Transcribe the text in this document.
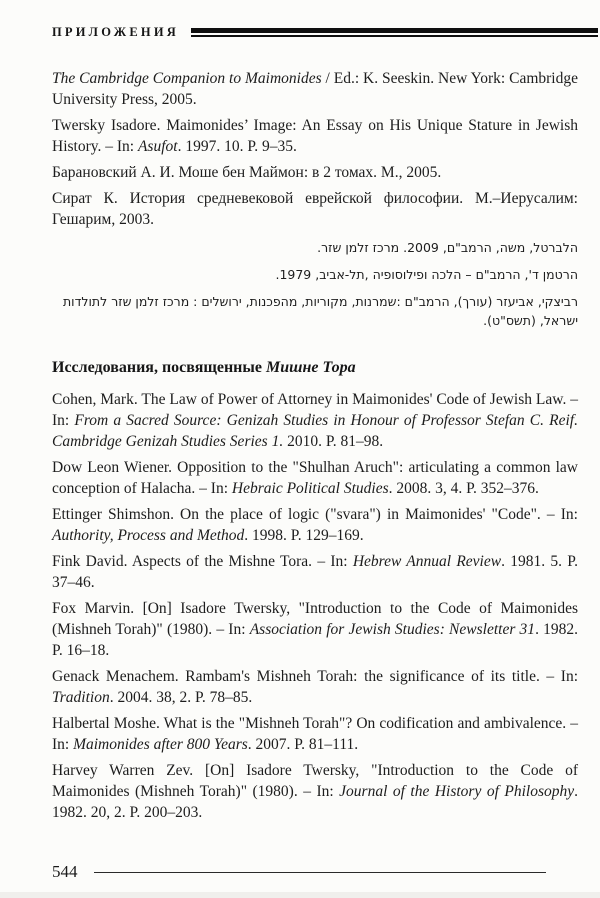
ПРИЛОЖЕНИЯ

The Cambridge Companion to Maimonides / Ed.: K. Seeskin. New York: Cambridge University Press, 2005.

Twersky Isadore. Maimonides’ Image: An Essay on His Unique Stature in Jewish History. – In: Asufot. 1997. 10. P. 9–35.

Барановский А. И. Моше бен Маймон: в 2 томах. М., 2005.

Сират К. История средневековой еврейской философии. М.–Иерусалим: Гешарим, 2003.

הלברטל, משה, הרמב"ם, 2009. מרכז זלמן שזר.

הרטמן ד', הרמב"ם – הלכה ופילוסופיה ,תל-אביב, 1979.

רביצקי, אביעזר (עורך), הרמב"ם :שמרנות, מקוריות, מהפכנות, ירושלים : מרכז זלמן שזר לתולדות ישראל, (תשס"ט).

Исследования, посвященные Мишне Тора

Cohen, Mark. The Law of Power of Attorney in Maimonides' Code of Jewish Law. – In: From a Sacred Source: Genizah Studies in Honour of Professor Stefan C. Reif. Cambridge Genizah Studies Series 1. 2010. P. 81–98.

Dow Leon Wiener. Opposition to the "Shulhan Aruch": articulating a common law conception of Halacha. – In: Hebraic Political Studies. 2008. 3, 4. P. 352–376.

Ettinger Shimshon. On the place of logic ("svara") in Maimonides' "Code". – In: Authority, Process and Method. 1998. P. 129–169.

Fink David. Aspects of the Mishne Tora. – In: Hebrew Annual Review. 1981. 5. P. 37–46.

Fox Marvin. [On] Isadore Twersky, "Introduction to the Code of Maimonides (Mishneh Torah)" (1980). – In: Association for Jewish Studies: Newsletter 31. 1982. P. 16–18.

Genack Menachem. Rambam's Mishneh Torah: the significance of its title. – In: Tradition. 2004. 38, 2. P. 78–85.

Halbertal Moshe. What is the "Mishneh Torah"? On codification and ambivalence. – In: Maimonides after 800 Years. 2007. P. 81–111.

Harvey Warren Zev. [On] Isadore Twersky, "Introduction to the Code of Maimonides (Mishneh Torah)" (1980). – In: Journal of the History of Philosophy. 1982. 20, 2. P. 200–203.

544
